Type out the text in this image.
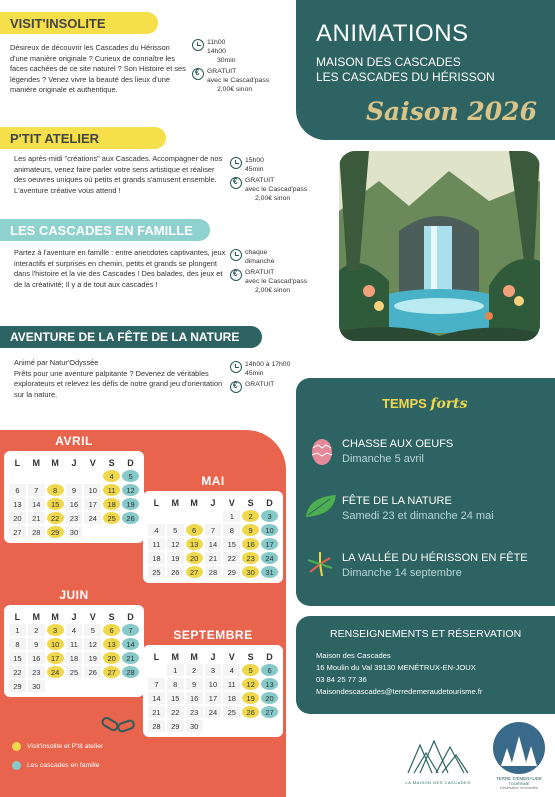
VISIT'INSOLITE
Désireux de découvrir les Cascades du Hérisson d'une manière originale ? Curieux de connaître les faces cachées de ce site naturel ? Son Histoire et ses légendes ? Venez vivre la beauté des lieux d'une manière originale et authentique.
11h00
14h00
30min
€
GRATUIT
avec le Cascad'pass
2,00€ sinon
P'TIT ATELIER
Les après-midi "créations" aux Cascades. Accompagner de nos animateurs, venez faire parler votre sens artistique et réaliser des oeuvres uniques où petits et grands s'amusent ensemble. L'aventure créative vous attend !
15h00
45min
€
GRATUIT
avec le Cascad'pass
2,00€ sinon
LES CASCADES EN FAMILLE
Partez à l'aventure en famille : entre anecdotes captivantes, jeux interactifs et surprises en chemin, petits et grands se plongent dans l'histoire et la vie des Cascades ! Des balades, des jeux et de la créativité; Il y a de tout aux cascades !
chaque
dimanche
€
GRATUIT
avec le Cascad'pass
2,00€ sinon
AVENTURE DE LA FÊTE DE LA NATURE
Animé par Natur'Odyssée
Prêts pour une aventure palpitante ? Devenez de véritables explorateurs et relevez les défis de notre grand jeu d'orientation sur la nature.
14h00 à 17h00
45min
€
GRATUIT
ANIMATIONS
MAISON DES CASCADES
LES CASCADES DU HÉRISSON
Saison 2026
TEMPS forts
CHASSE AUX OEUFS
Dimanche 5 avril
FÊTE DE LA NATURE
Samedi 23 et dimanche 24 mai
LA VALLÉE DU HÉRISSON EN FÊTE
Dimanche 14 septembre
RENSEIGNEMENTS ET RÉSERVATION
Maison des Cascades
16 Moulin du Val 39130 MENÉTRUX-EN-JOUX
03 84 25 77 36
Maisondescascades@terredemeraudetourisme.fr
LA MAISON DES CASCADES
TERRE D'ÉMERAUDE
TOURISME
Destination enchantée
AVRIL
L	M	M	J	V	S	D
					4	5
6	7	8	9	10	11	12
13	14	15	16	17	18	19
20	21	22	23	24	25	26
27	28	29	30			
MAI
L	M	M	J	V	S	D
				1	2	3
4	5	6	7	8	9	10
11	12	13	14	15	16	17
18	19	20	21	22	23	24
25	26	27	28	29	30	31
JUIN
L	M	M	J	V	S	D
1	2	3	4	5	6	7
8	9	10	11	12	13	14
15	16	17	18	19	20	21
22	23	24	25	26	27	28
29	30					
SEPTEMBRE
L	M	M	J	V	S	D
	1	2	3	4	5	6
7	8	9	10	11	12	13
14	15	16	17	18	19	20
21	22	23	24	25	26	27
28	29	30				
Visit'insolite et P'tit atelier
Les cascades en famille
